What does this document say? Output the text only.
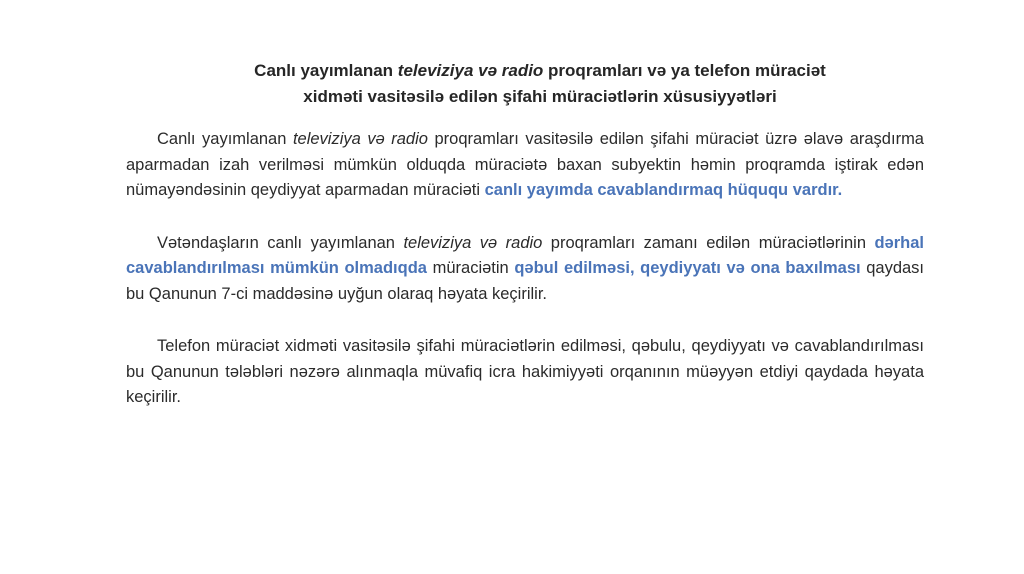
Canlı yayımlanan televiziya və radio proqramları və ya telefon müraciət
xidməti vasitəsilə edilən şifahi müraciətlərin xüsusiyyətləri

Canlı yayımlanan televiziya və radio proqramları vasitəsilə edilən şifahi müraciət üzrə əlavə araşdırma aparmadan izah verilməsi mümkün olduqda müraciətə baxan subyektin həmin proqramda iştirak edən nümayəndəsinin qeydiyyat aparmadan müraciəti canlı yayımda cavablandırmaq hüququ vardır.

Vətəndaşların canlı yayımlanan televiziya və radio proqramları zamanı edilən müraciətlərinin dərhal cavablandırılması mümkün olmadıqda müraciətin qəbul edilməsi, qeydiyyatı və ona baxılması qaydası bu Qanunun 7-ci maddəsinə uyğun olaraq həyata keçirilir.

Telefon müraciət xidməti vasitəsilə şifahi müraciətlərin edilməsi, qəbulu, qeydiyyatı və cavablandırılması bu Qanunun tələbləri nəzərə alınmaqla müvafiq icra hakimiyyəti orqanının müəyyən etdiyi qaydada həyata keçirilir.
